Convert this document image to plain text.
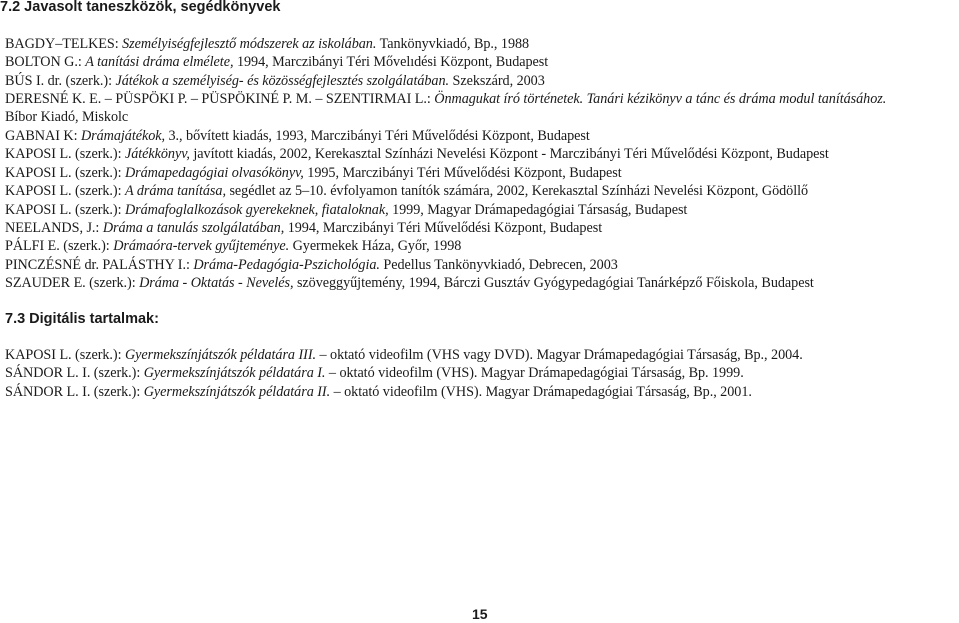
7.2 Javasolt taneszközök, segédkönyvek
BAGDY–TELKES: Személyiségfejlesztő módszerek az iskolában. Tankönyvkiadó, Bp., 1988
BOLTON G.: A tanítási dráma elmélete, 1994, Marczibányi Téri Mővelıdési Központ, Budapest
BÚS I. dr. (szerk.): Játékok a személyiség- és közösségfejlesztés szolgálatában. Szekszárd, 2003
DERESNÉ K. E. – PÜSPÖKI P. – PÜSPÖKINÉ P. M. – SZENTIRMAI L.: Önmagukat író történetek. Tanári kézikönyv a tánc és dráma modul tanításához.
Bíbor Kiadó, Miskolc
GABNAI K: Drámajátékok, 3., bővített kiadás, 1993, Marczibányi Téri Művelődési Központ, Budapest
KAPOSI L. (szerk.): Játékkönyv, javított kiadás, 2002, Kerekasztal Színházi Nevelési Központ - Marczibányi Téri Művelődési Központ, Budapest
KAPOSI L. (szerk.): Drámapedagógiai olvasókönyv, 1995, Marczibányi Téri Művelődési Központ, Budapest
KAPOSI L. (szerk.): A dráma tanítása, segédlet az 5–10. évfolyamon tanítók számára, 2002, Kerekasztal Színházi Nevelési Központ, Gödöllő
KAPOSI L. (szerk.): Drámafoglalkozások gyerekeknek, fiataloknak, 1999, Magyar Drámapedagógiai Társaság, Budapest
NEELANDS, J.: Dráma a tanulás szolgálatában, 1994, Marczibányi Téri Művelődési Központ, Budapest
PÁLFI E. (szerk.): Drámaóra-tervek gyűjteménye. Gyermekek Háza, Győr, 1998
PINCZÉSNÉ dr. PALÁSTHY I.: Dráma-Pedagógia-Pszichológia. Pedellus Tankönyvkiadó, Debrecen, 2003
SZAUDER E. (szerk.): Dráma - Oktatás - Nevelés, szöveggyűjtemény, 1994, Bárczi Gusztáv Gyógypedagógiai Tanárképző Főiskola, Budapest
7.3 Digitális tartalmak:
KAPOSI L. (szerk.): Gyermekszínjátszók példatára III. – oktató videofilm (VHS vagy DVD). Magyar Drámapedagógiai Társaság, Bp., 2004.
SÁNDOR L. I. (szerk.): Gyermekszínjátszók példatára I. – oktató videofilm (VHS). Magyar Drámapedagógiai Társaság, Bp. 1999.
SÁNDOR L. I. (szerk.): Gyermekszínjátszók példatára II. – oktató videofilm (VHS). Magyar Drámapedagógiai Társaság, Bp., 2001.
15
